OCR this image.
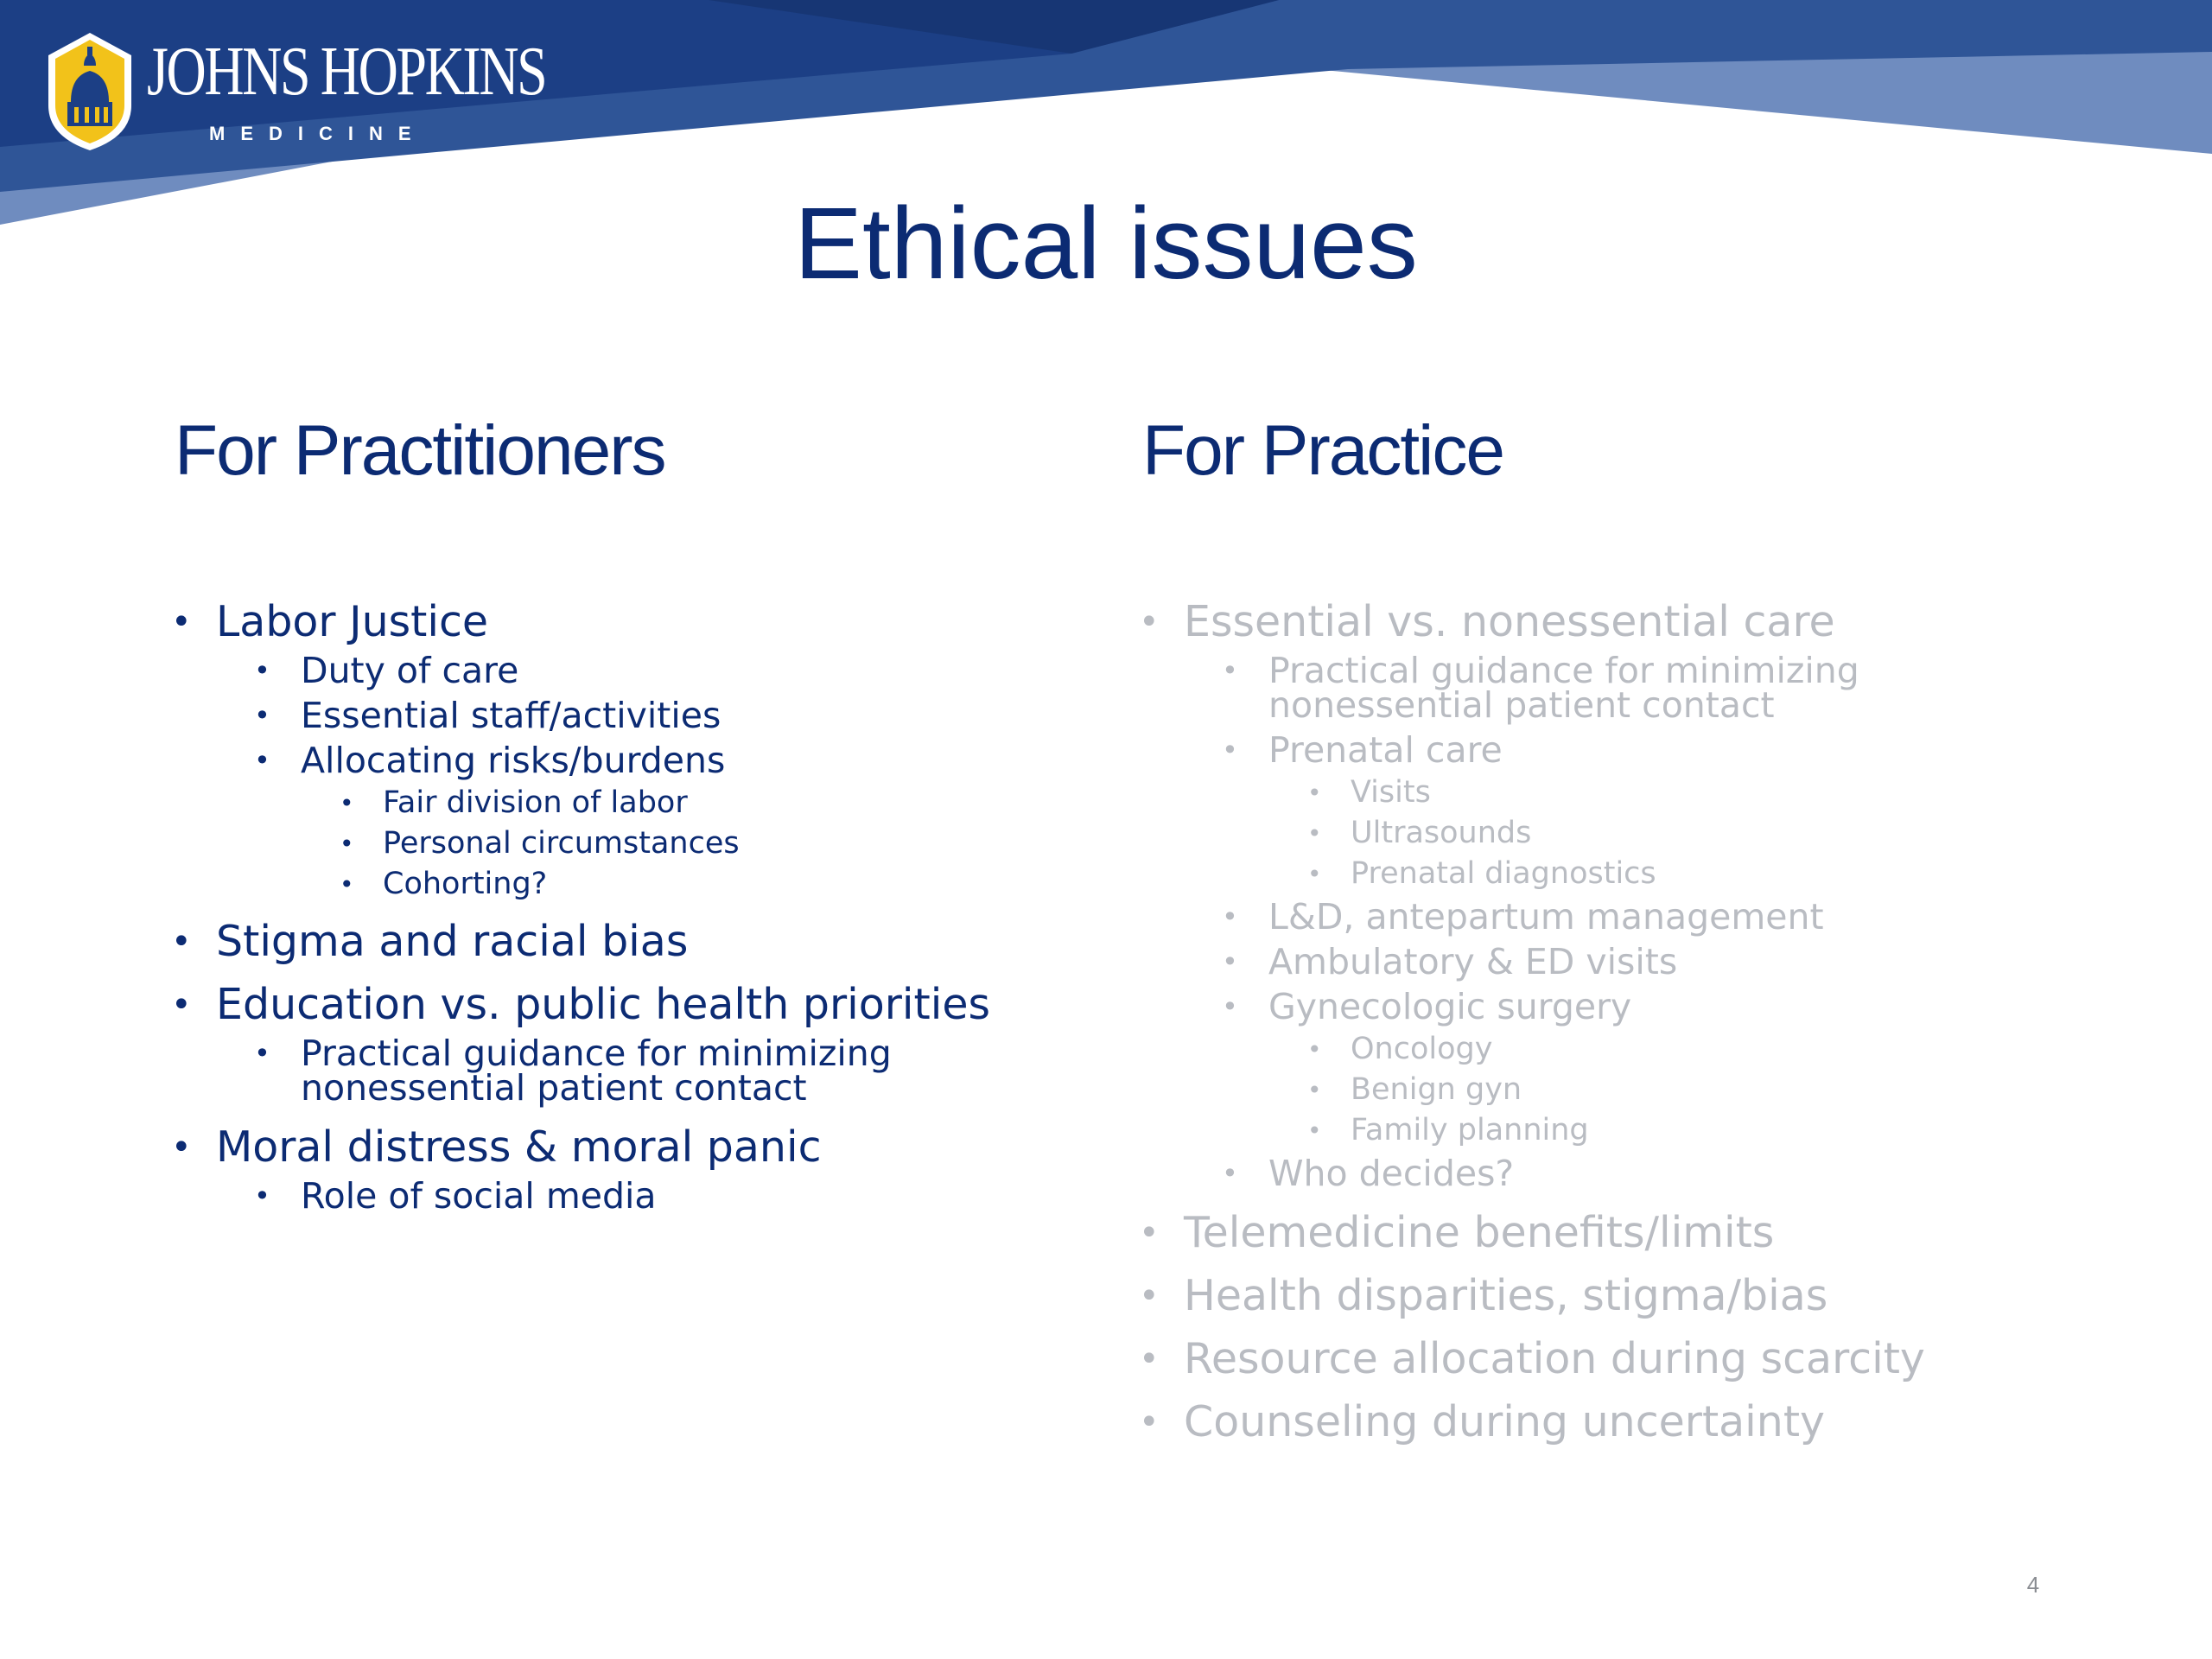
JOHNS HOPKINS
MEDICINE
Ethical issues
For Practitioners	For Practice
• Labor Justice
• Duty of care
• Essential staff/activities
• Allocating risks/burdens
• Fair division of labor
• Personal circumstances
• Cohorting?
• Stigma and racial bias
• Education vs. public health priorities
• Practical guidance for minimizing
nonessential patient contact
• Moral distress & moral panic
• Role of social media
• Essential vs. nonessential care
• Practical guidance for minimizing
nonessential patient contact
• Prenatal care
• Visits
• Ultrasounds
• Prenatal diagnostics
• L&D, antepartum management
• Ambulatory & ED visits
• Gynecologic surgery
• Oncology
• Benign gyn
• Family planning
• Who decides?
• Telemedicine benefits/limits
• Health disparities, stigma/bias
• Resource allocation during scarcity
• Counseling during uncertainty
4
